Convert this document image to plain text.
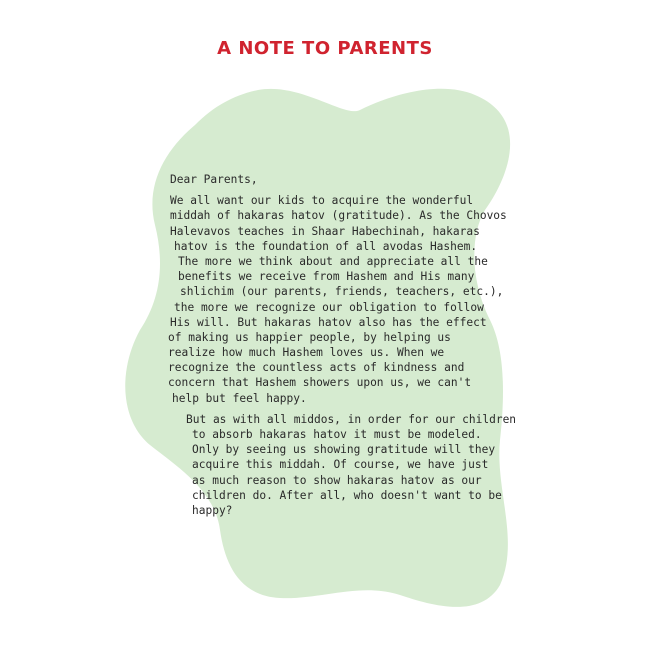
A NOTE TO PARENTS
Dear Parents,
We all want our kids to acquire the wonderful
middah of hakaras hatov (gratitude). As the Chovos
Halevavos teaches in Shaar Habechinah, hakaras
hatov is the foundation of all avodas Hashem.
The more we think about and appreciate all the
benefits we receive from Hashem and His many
shlichim (our parents, friends, teachers, etc.),
the more we recognize our obligation to follow
His will. But hakaras hatov also has the effect
of making us happier people, by helping us
realize how much Hashem loves us. When we
recognize the countless acts of kindness and
concern that Hashem showers upon us, we can't
help but feel happy.
But as with all middos, in order for our children
to absorb hakaras hatov it must be modeled.
Only by seeing us showing gratitude will they
acquire this middah. Of course, we have just
as much reason to show hakaras hatov as our
children do. After all, who doesn't want to be
happy?
